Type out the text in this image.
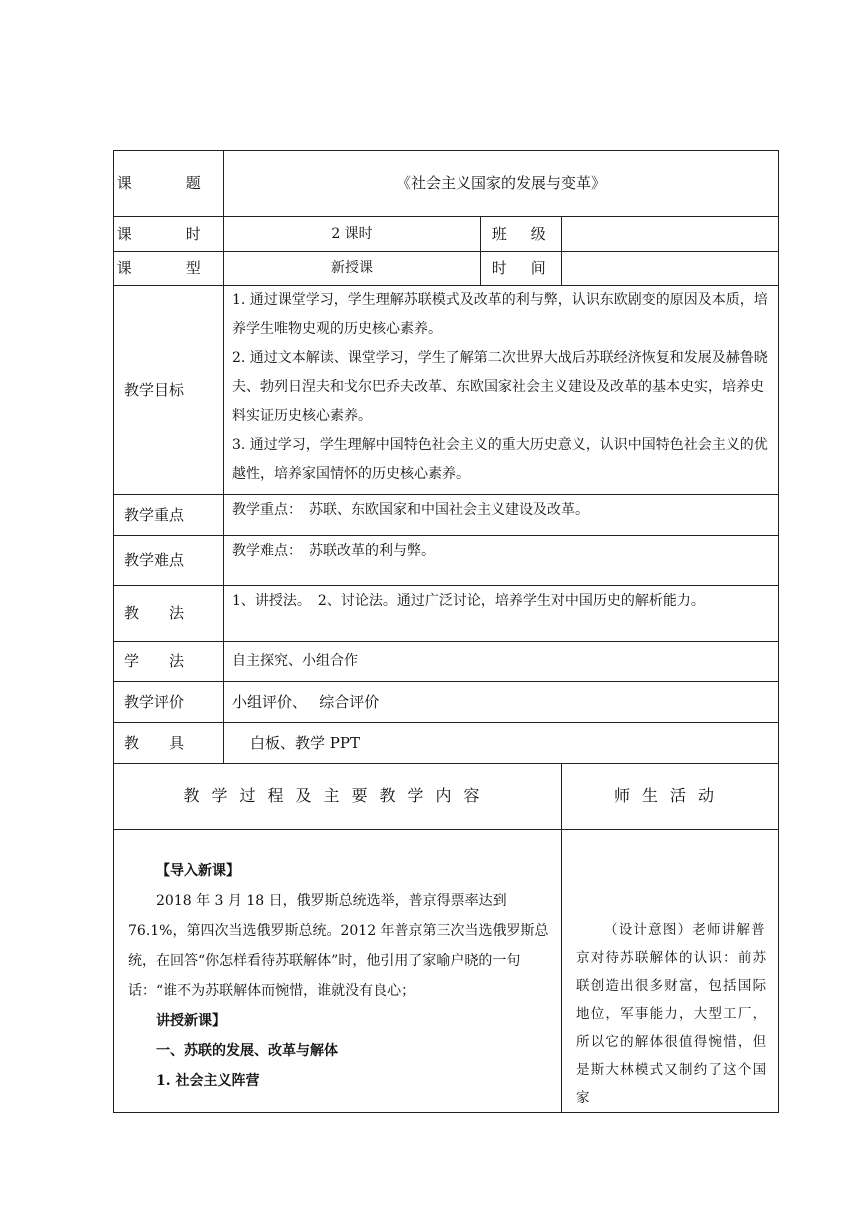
课　题	《社会主义国家的发展与变革》		
课　时	2 课时	班　级	
课　型	新授课	时　间	
教学目标	1. 通过课堂学习，学生理解苏联模式及改革的利与弊，认识东欧剧变的原因及本质，培养学生唯物史观的历史核心素养。

2. 通过文本解读、课堂学习，学生了解第二次世界大战后苏联经济恢复和发展及赫鲁晓夫、勃列日涅夫和戈尔巴乔夫改革、东欧国家社会主义建设及改革的基本史实，培养史料实证历史核心素养。

3. 通过学习，学生理解中国特色社会主义的重大历史意义，认识中国特色社会主义的优越性，培养家国情怀的历史核心素养。		

教学重点	教学重点：　苏联、东欧国家和中国社会主义建设及改革。		
教学难点	教学难点：　苏联改革的利与弊。		
教　　法	1、讲授法。　2、讨论法。通过广泛讨论，培养学生对中国历史的解析能力。		
学　　法	自主探究、小组合作		
教学评价	小组评价、　 综合评价		
教　　具	白板、教学 PPT		
教学过程及主要教学内容			师生活动

【导入新课】

2018 年 3 月 18 日，俄罗斯总统选举，普京得票率达到 76.1%，第四次当选俄罗斯总统。2012 年普京第三次当选俄罗斯总统，在回答“你怎样看待苏联解体”时，他引用了家喻户晓的一句话：“谁不为苏联解体而惋惜，谁就没有良心；

讲授新课】

一、苏联的发展、改革与解体

1. 社会主义阵营			（设计意图）老师讲解普京对待苏联解体的认识：前苏联创造出很多财富，包括国际地位，军事能力，大型工厂，所以它的解体很值得惋惜，但是斯大林模式又制约了这个国家
